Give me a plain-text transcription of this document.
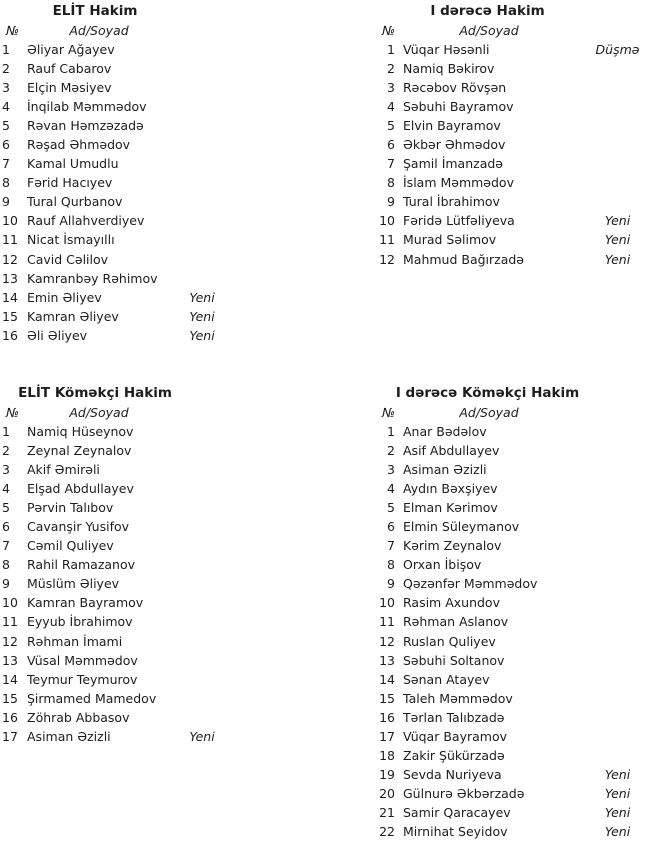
ELİT Hakim
№	Ad/Soyad
1	Əliyar Ağayev
2	Rauf Cabarov
3	Elçin Məsiyev
4	İnqilab Məmmədov
5	Rəvan Həmzəzadə
6	Rəşad Əhmədov
7	Kamal Umudlu
8	Fərid Hacıyev
9	Tural Qurbanov
10 Rauf Allahverdiyev
11 Nicat İsmayıllı
12 Cavid Cəlilov
13 Kamranbəy Rəhimov
14 Emin Əliyev	Yeni
15 Kamran Əliyev	Yeni
16 Əli Əliyev	Yeni
I dərəcə Hakim
№	Ad/Soyad
1 Vüqar Həsənli	Düşmə
2 Namiq Bəkirov
3 Rəcəbov Rövşən
4 Səbuhi Bayramov
5 Elvin Bayramov
6 Əkbər Əhmədov
7 Şamil İmanzadə
8 İslam Məmmədov
9 Tural İbrahimov
10 Fəridə Lütfəliyeva	Yeni
11 Murad Səlimov	Yeni
12 Mahmud Bağırzadə	Yeni
ELİT Köməkçi Hakim
№	Ad/Soyad
1	Namiq Hüseynov
2	Zeynal Zeynalov
3	Akif Əmirəli
4	Elşad Abdullayev
5	Pərvin Talıbov
6	Cavanşir Yusifov
7	Cəmil Quliyev
8	Rahil Ramazanov
9	Müslüm Əliyev
10 Kamran Bayramov
11 Eyyub İbrahimov
12 Rəhman İmami
13 Vüsal Məmmədov
14 Teymur Teymurov
15 Şirmamed Mamedov
16 Zöhrab Abbasov
17 Asiman Əzizli	Yeni
I dərəcə Köməkçi Hakim
№	Ad/Soyad
1 Anar Bədəlov
2 Asif Abdullayev
3 Asiman Əzizli
4 Aydın Bəxşiyev
5 Elman Kərimov
6 Elmin Süleymanov
7 Kərim Zeynalov
8 Orxan İbişov
9 Qəzənfər Məmmədov
10 Rasim Axundov
11 Rəhman Aslanov
12 Ruslan Quliyev
13 Səbuhi Soltanov
14 Sənan Atayev
15 Taleh Məmmədov
16 Tərlan Talıbzadə
17 Vüqar Bayramov
18 Zakir Şükürzadə
19 Sevda Nuriyeva	Yeni
20 Gülnurə Əkbərzadə	Yeni
21 Samir Qaracayev	Yeni
22 Mirnihat Seyidov	Yeni
